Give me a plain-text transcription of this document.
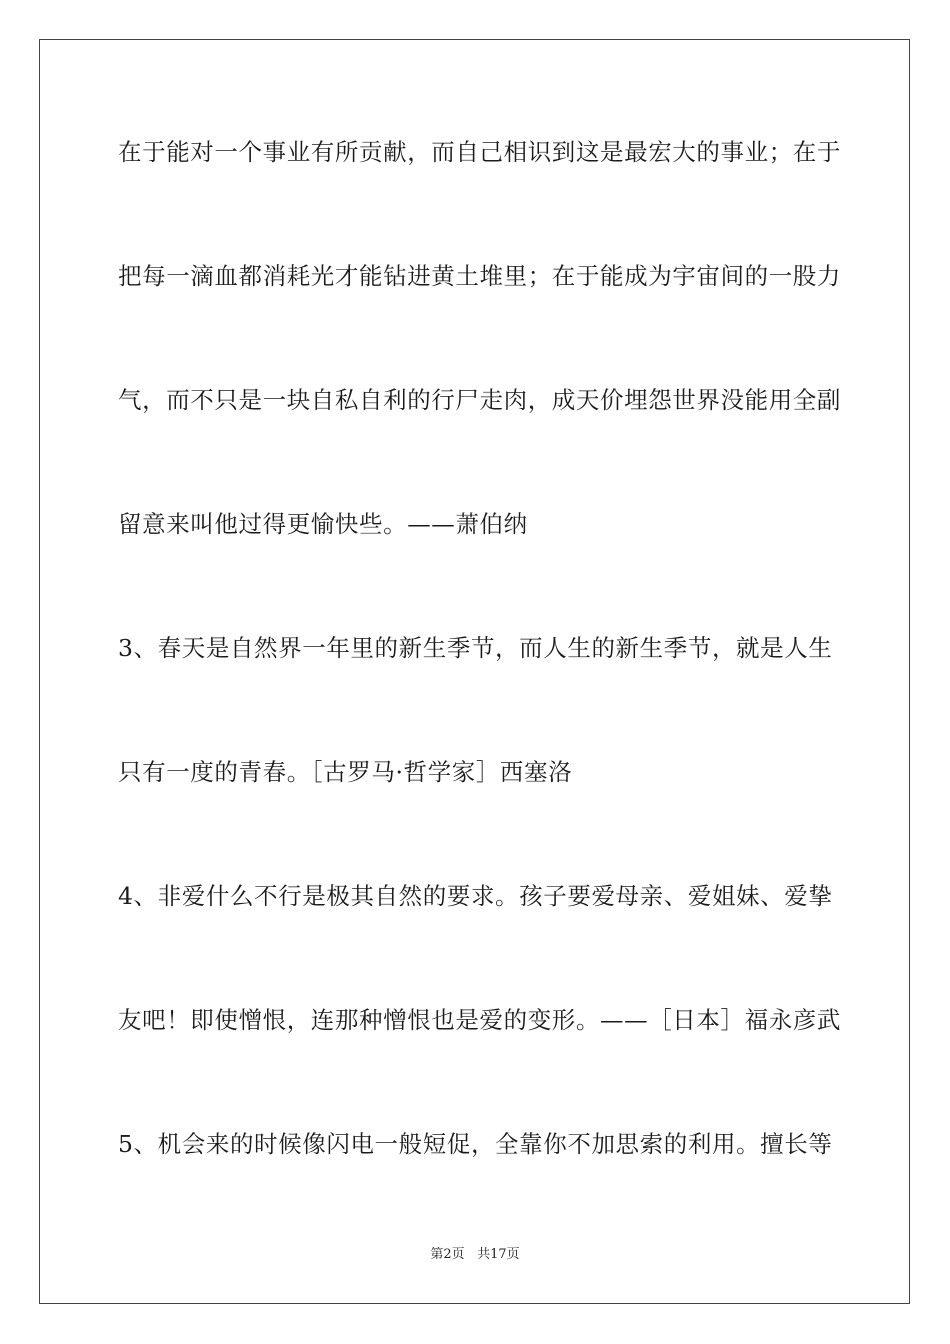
在于能对一个事业有所贡献，而自己相识到这是最宏大的事业；在于
把每一滴血都消耗光才能钻进黄土堆里；在于能成为宇宙间的一股力
气，而不只是一块自私自利的行尸走肉，成天价埋怨世界没能用全副
留意来叫他过得更愉快些。——萧伯纳
3、春天是自然界一年里的新生季节，而人生的新生季节，就是人生
只有一度的青春。［古罗马·哲学家］西塞洛
4、非爱什么不行是极其自然的要求。孩子要爱母亲、爱姐妹、爱挚
友吧！即使憎恨，连那种憎恨也是爱的变形。——［日本］福永彦武
5、机会来的时候像闪电一般短促，全靠你不加思索的利用。擅长等
第2页 共17页
